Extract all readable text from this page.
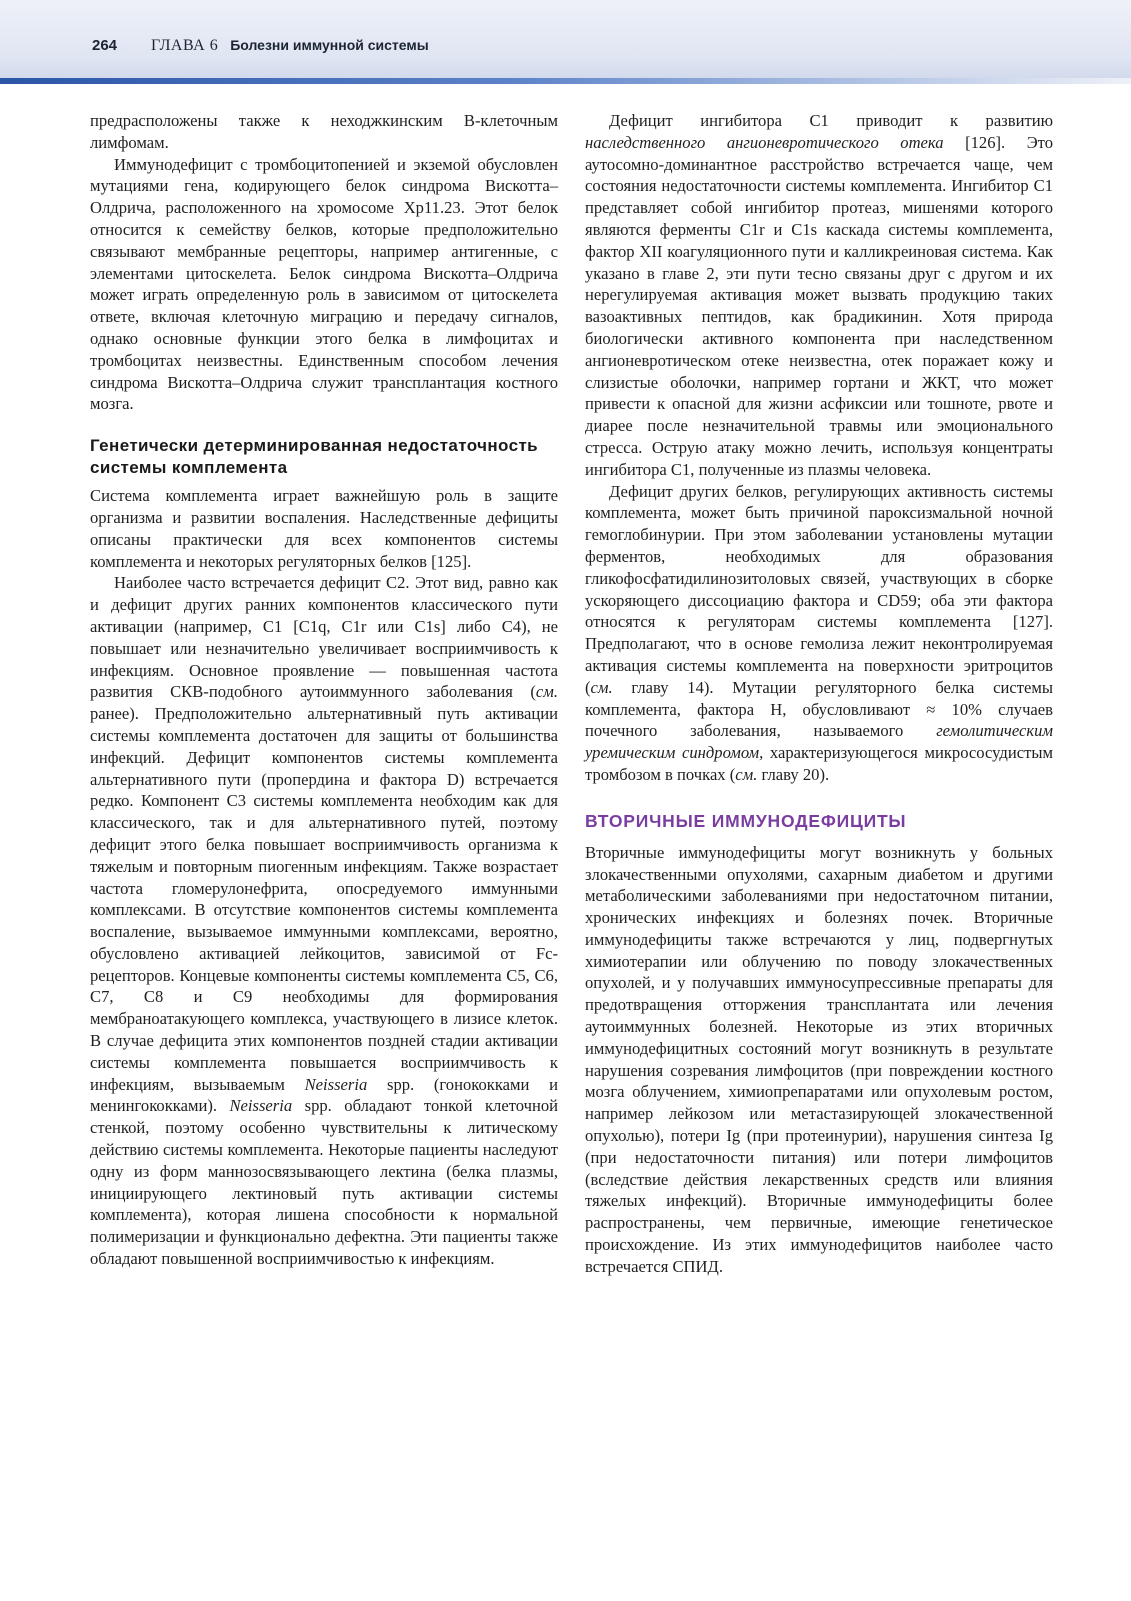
264 ГЛАВА 6 Болезни иммунной системы

предрасположены также к неходжкинским В-клеточным лимфомам.

Иммунодефицит с тромбоцитопенией и экземой обусловлен мутациями гена, кодирующего белок синдрома Вискотта–Олдрича, расположенного на хромосоме Xp11.23. Этот белок относится к семейству белков, которые предположительно связывают мембранные рецепторы, например антигенные, с элементами цитоскелета. Белок синдрома Вискотта–Олдрича может играть определенную роль в зависимом от цитоскелета ответе, включая клеточную миграцию и передачу сигналов, однако основные функции этого белка в лимфоцитах и тромбоцитах неизвестны. Единственным способом лечения синдрома Вискотта–Олдрича служит трансплантация костного мозга.

Генетически детерминированная недостаточность системы комплемента

Система комплемента играет важнейшую роль в защите организма и развитии воспаления. Наследственные дефициты описаны практически для всех компонентов системы комплемента и некоторых регуляторных белков [125].

Наиболее часто встречается дефицит С2. Этот вид, равно как и дефицит других ранних компонентов классического пути активации (например, С1 [С1q, С1r или С1s] либо С4), не повышает или незначительно увеличивает восприимчивость к инфекциям. Основное проявление — повышенная частота развития СКВ-подобного аутоиммунного заболевания (см. ранее). Предположительно альтернативный путь активации системы комплемента достаточен для защиты от большинства инфекций. Дефицит компонентов системы комплемента альтернативного пути (пропердина и фактора D) встречается редко. Компонент С3 системы комплемента необходим как для классического, так и для альтернативного путей, поэтому дефицит этого белка повышает восприимчивость организма к тяжелым и повторным пиогенным инфекциям. Также возрастает частота гломерулонефрита, опосредуемого иммунными комплексами. В отсутствие компонентов системы комплемента воспаление, вызываемое иммунными комплексами, вероятно, обусловлено активацией лейкоцитов, зависимой от Fc-рецепторов. Концевые компоненты системы комплемента С5, С6, С7, С8 и С9 необходимы для формирования мембраноатакующего комплекса, участвующего в лизисе клеток. В случае дефицита этих компонентов поздней стадии активации системы комплемента повышается восприимчивость к инфекциям, вызываемым Neisseria spp. (гонококками и менингококками). Neisseria spp. обладают тонкой клеточной стенкой, поэтому особенно чувствительны к литическому действию системы комплемента. Некоторые пациенты наследуют одну из форм маннозосвязывающего лектина (белка плазмы, инициирующего лектиновый путь активации системы комплемента), которая лишена способности к нормальной полимеризации и функционально дефектна. Эти пациенты также обладают повышенной восприимчивостью к инфекциям.

Дефицит ингибитора С1 приводит к развитию наследственного ангионевротического отека [126]. Это аутосомно-доминантное расстройство встречается чаще, чем состояния недостаточности системы комплемента. Ингибитор С1 представляет собой ингибитор протеаз, мишенями которого являются ферменты С1r и С1s каскада системы комплемента, фактор XII коагуляционного пути и калликреиновая система. Как указано в главе 2, эти пути тесно связаны друг с другом и их нерегулируемая активация может вызвать продукцию таких вазоактивных пептидов, как брадикинин. Хотя природа биологически активного компонента при наследственном ангионевротическом отеке неизвестна, отек поражает кожу и слизистые оболочки, например гортани и ЖКТ, что может привести к опасной для жизни асфиксии или тошноте, рвоте и диарее после незначительной травмы или эмоционального стресса. Острую атаку можно лечить, используя концентраты ингибитора С1, полученные из плазмы человека.

Дефицит других белков, регулирующих активность системы комплемента, может быть причиной пароксизмальной ночной гемоглобинурии. При этом заболевании установлены мутации ферментов, необходимых для образования гликофосфатидилинозитоловых связей, участвующих в сборке ускоряющего диссоциацию фактора и CD59; оба эти фактора относятся к регуляторам системы комплемента [127]. Предполагают, что в основе гемолиза лежит неконтролируемая активация системы комплемента на поверхности эритроцитов (см. главу 14). Мутации регуляторного белка системы комплемента, фактора Н, обусловливают ≈ 10% случаев почечного заболевания, называемого гемолитическим уремическим синдромом, характеризующегося микрососудистым тромбозом в почках (см. главу 20).

ВТОРИЧНЫЕ ИММУНОДЕФИЦИТЫ

Вторичные иммунодефициты могут возникнуть у больных злокачественными опухолями, сахарным диабетом и другими метаболическими заболеваниями при недостаточном питании, хронических инфекциях и болезнях почек. Вторичные иммунодефициты также встречаются у лиц, подвергнутых химиотерапии или облучению по поводу злокачественных опухолей, и у получавших иммуносупрессивные препараты для предотвращения отторжения трансплантата или лечения аутоиммунных болезней. Некоторые из этих вторичных иммунодефицитных состояний могут возникнуть в результате нарушения созревания лимфоцитов (при повреждении костного мозга облучением, химиопрепаратами или опухолевым ростом, например лейкозом или метастазирующей злокачественной опухолью), потери Ig (при протеинурии), нарушения синтеза Ig (при недостаточности питания) или потери лимфоцитов (вследствие действия лекарственных средств или влияния тяжелых инфекций). Вторичные иммунодефициты более распространены, чем первичные, имеющие генетическое происхождение. Из этих иммунодефицитов наиболее часто встречается СПИД.
